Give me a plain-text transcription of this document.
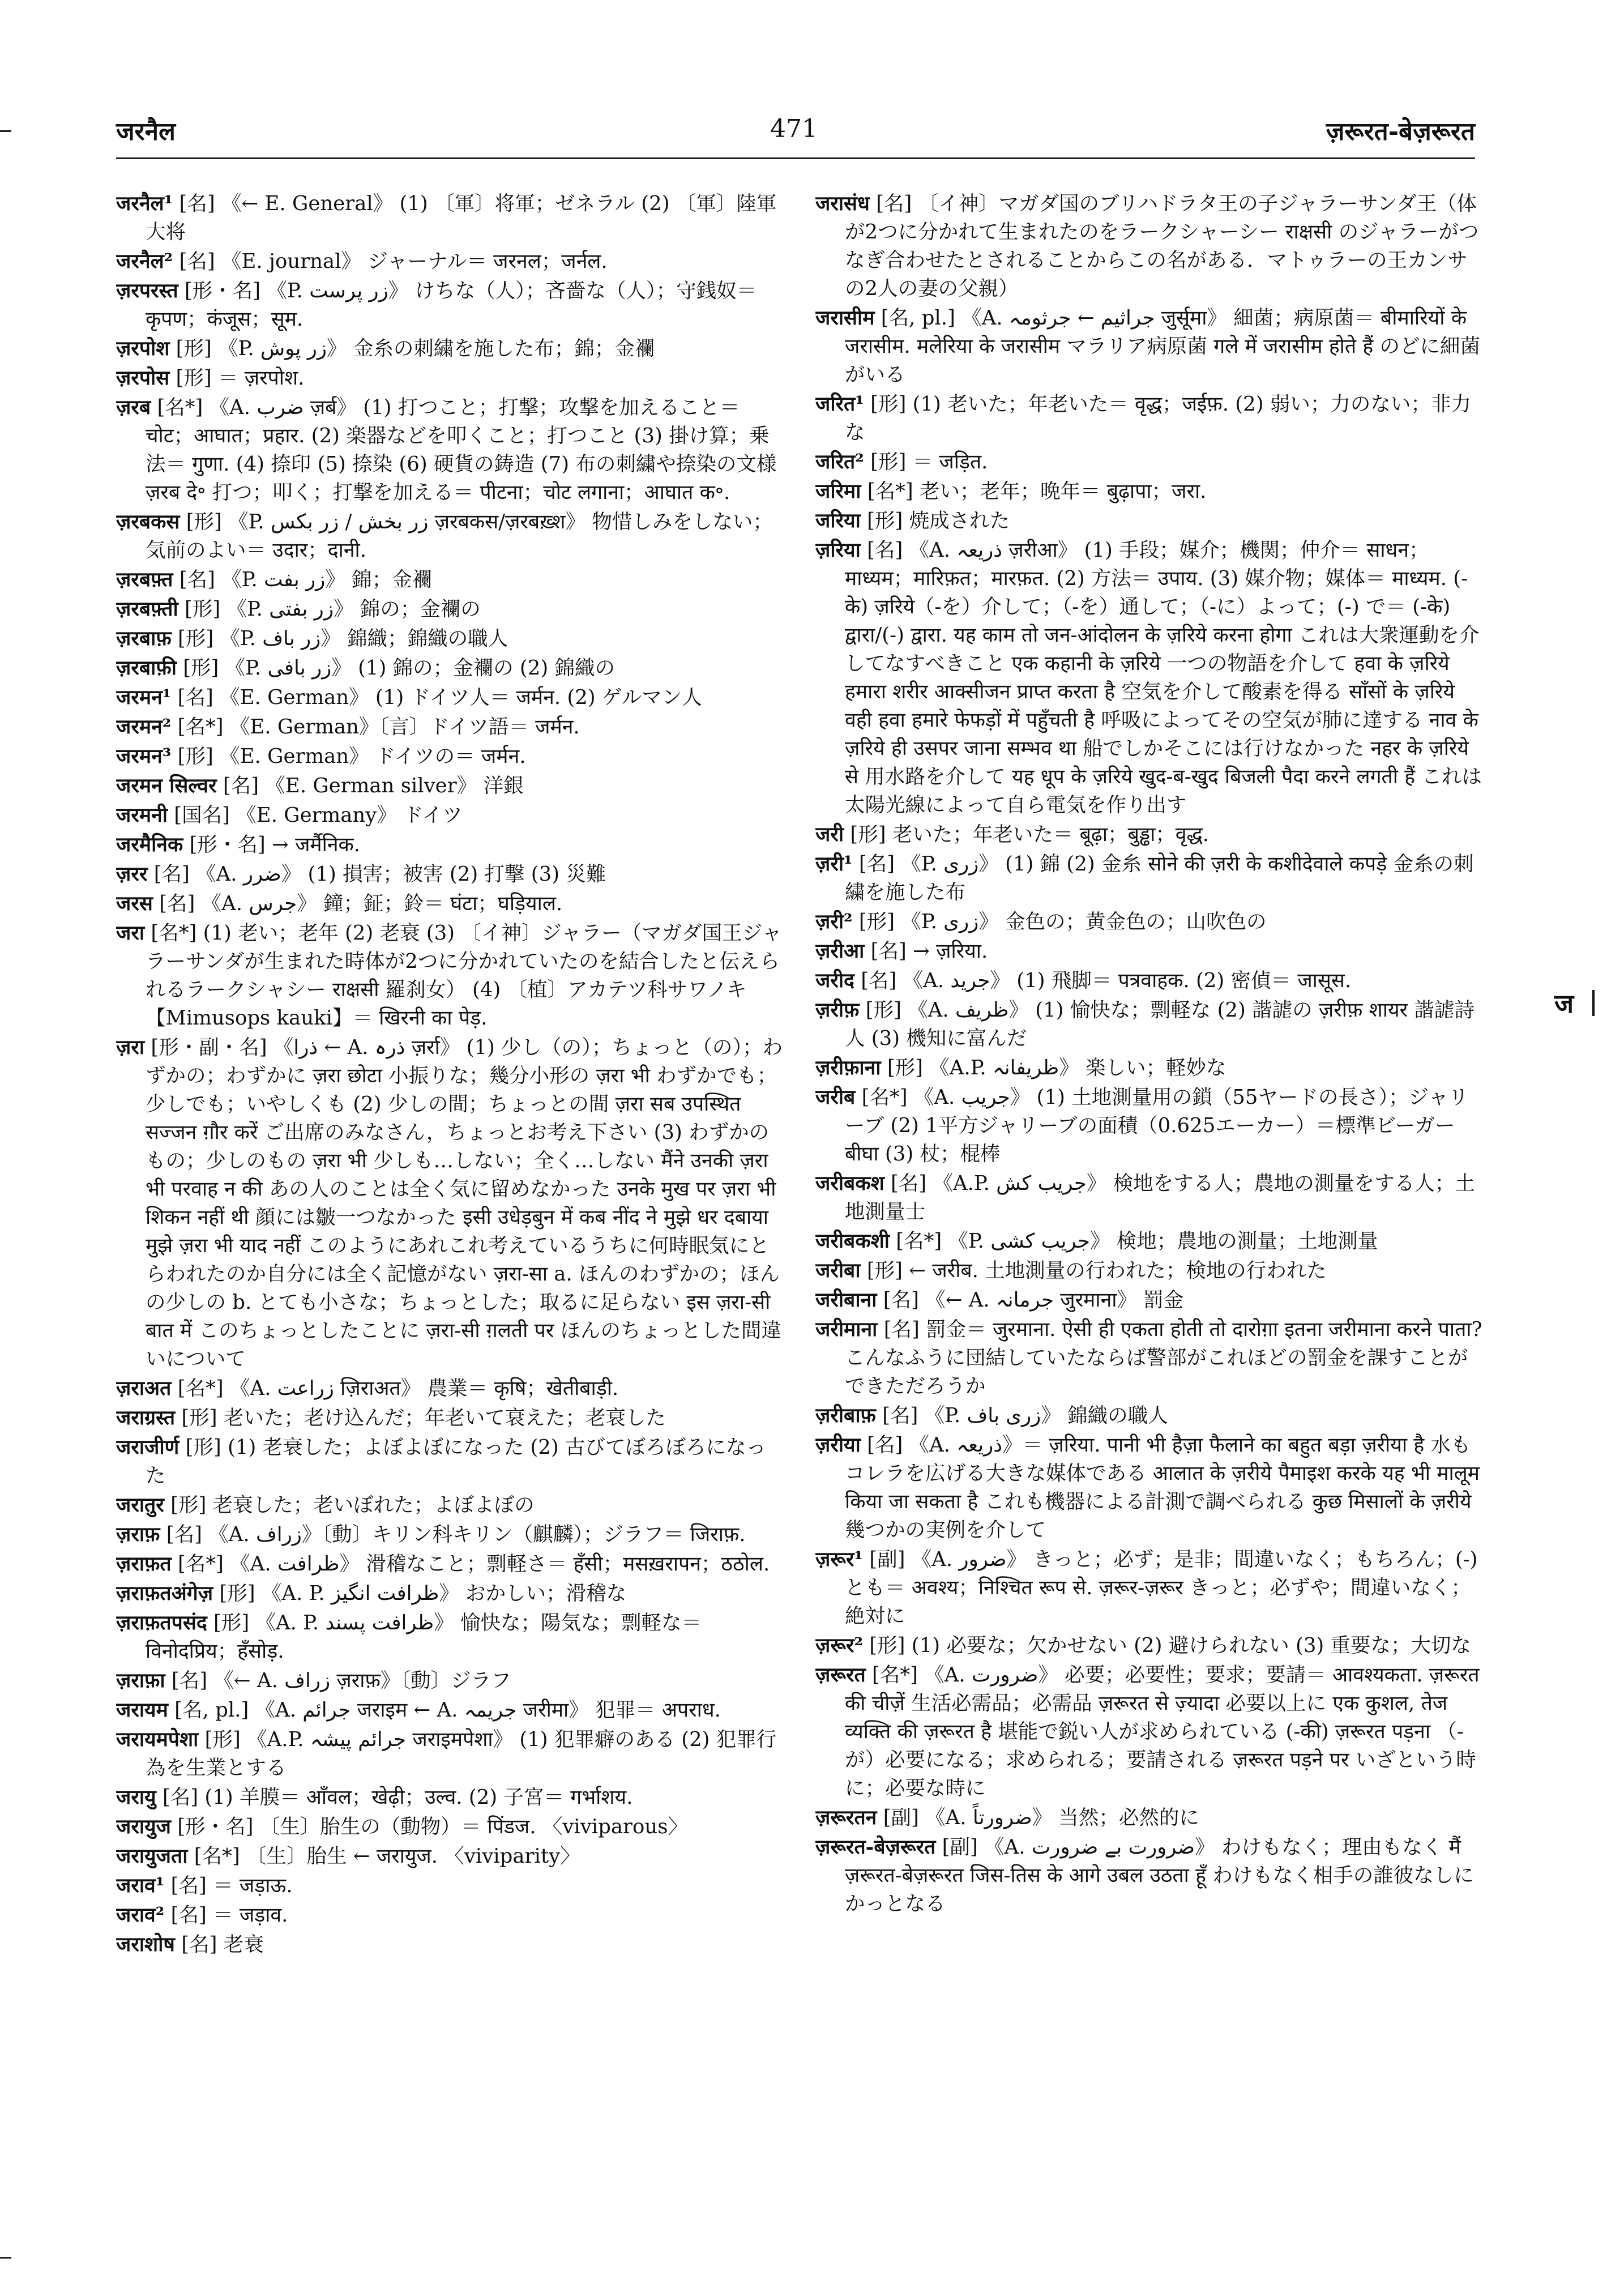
जरनैल	471	ज़रूरत-बेज़रूरत

जरनैल¹ [名] 《← E. General》 (1) 〔軍〕将軍；ゼネラル (2) 〔軍〕陸軍大将

जरनैल² [名] 《E. journal》 ジャーナル＝ जरनल；जर्नल.

ज़रपरस्त [形・名] 《P. زر پرست》 けちな（人）；吝嗇な（人）；守銭奴＝ कृपण；कंजूस；सूम.

ज़रपोश [形] 《P. زر پوش》 金糸の刺繍を施した布；錦；金襴

ज़रपोस [形] ＝ ज़रपोश.

ज़रब [名*] 《A. ضرب ज़र्ब》 (1) 打つこと；打撃；攻撃を加えること＝ चोट；आघात；प्रहार. (2) 楽器などを叩くこと；打つこと (3) 掛け算；乗法＝ गुणा. (4) 捺印 (5) 捺染 (6) 硬貨の鋳造 (7) 布の刺繍や捺染の文様 ज़रब दे॰ 打つ；叩く；打撃を加える＝ पीटना；चोट लगाना；आघात क॰.

ज़रबकस [形] 《P. زر بخش / زر بکس ज़रबकस/ज़रबख़्श》 物惜しみをしない；気前のよい＝ उदार；दानी.

ज़रबफ़्त [名] 《P. زر بفت》 錦；金襴

ज़रबफ़्ती [形] 《P. زر بفتی》 錦の；金襴の

ज़रबाफ़ [形] 《P. زر باف》 錦織；錦織の職人

ज़रबाफ़ी [形] 《P. زر بافی》 (1) 錦の；金襴の (2) 錦織の

जरमन¹ [名] 《E. German》 (1) ドイツ人＝ जर्मन. (2) ゲルマン人

जरमन² [名*] 《E. German》〔言〕ドイツ語＝ जर्मन.

जरमन³ [形] 《E. German》 ドイツの＝ जर्मन.

जरमन सिल्वर [名] 《E. German silver》 洋銀

जरमनी [国名] 《E. Germany》 ドイツ

जरमैनिक [形・名] → जर्मैनिक.

ज़रर [名] 《A. ضرر》 (1) 損害；被害 (2) 打撃 (3) 災難

जरस [名] 《A. جرس》 鐘；鉦；鈴＝ घंटा；घड़ियाल.

जरा [名*] (1) 老い；老年 (2) 老衰 (3) 〔イ神〕ジャラー（マガダ国王ジャラーサンダが生まれた時体が2つに分かれていたのを結合したと伝えられるラークシャシー राक्षसी 羅刹女） (4) 〔植〕アカテツ科サワノキ【Mimusops kauki】＝ खिरनी का पेड़.

ज़रा [形・副・名] 《ذرا ← A. ذرہ ज़र्रा》 (1) 少し（の）；ちょっと（の）；わずかの；わずかに ज़रा छोटा 小振りな；幾分小形の ज़रा भी わずかでも；少しでも；いやしくも (2) 少しの間；ちょっとの間 ज़रा सब उपस्थित सज्जन ग़ौर करें ご出席のみなさん，ちょっとお考え下さい (3) わずかのもの；少しのもの ज़रा भी 少しも…しない；全く…しない मैंने उनकी ज़रा भी परवाह न की あの人のことは全く気に留めなかった उनके मुख पर ज़रा भी शिकन नहीं थी 顔には皺一つなかった इसी उधेड़बुन में कब नींद ने मुझे धर दबाया मुझे ज़रा भी याद नहीं このようにあれこれ考えているうちに何時眠気にとらわれたのか自分には全く記憶がない ज़रा-सा a. ほんのわずかの；ほんの少しの b. とても小さな；ちょっとした；取るに足らない इस ज़रा-सी बात में このちょっとしたことに ज़रा-सी ग़लती पर ほんのちょっとした間違いについて

ज़राअत [名*] 《A. زراعت ज़िराअत》 農業＝ कृषि；खेतीबाड़ी.

जराग्रस्त [形] 老いた；老け込んだ；年老いて衰えた；老衰した

जराजीर्ण [形] (1) 老衰した；よぼよぼになった (2) 古びてぼろぼろになった

जरातुर [形] 老衰した；老いぼれた；よぼよぼの

ज़राफ़ [名] 《A. زراف》〔動〕キリン科キリン（麒麟）；ジラフ＝ जिराफ़.

ज़राफ़त [名*] 《A. ظرافت》 滑稽なこと；剽軽さ＝ हँसी；मसख़रापन；ठठोल.

ज़राफ़तअंगेज़ [形] 《A. P. ظرافت انگیز》 おかしい；滑稽な

ज़राफ़तपसंद [形] 《A. P. ظرافت پسند》 愉快な；陽気な；剽軽な＝ विनोदप्रिय；हँसोड़.

ज़राफ़ा [名] 《← A. زراف ज़राफ़》〔動〕ジラフ

जरायम [名, pl.] 《A. جرائم जराइम ← A. جریمہ जरीमा》 犯罪＝ अपराध.

जरायमपेशा [形] 《A.P. جرائم پیشہ जराइमपेशा》 (1) 犯罪癖のある (2) 犯罪行為を生業とする

जरायु [名] (1) 羊膜＝ आँवल；खेढ़ी；उल्व. (2) 子宮＝ गर्भाशय.

जरायुज [形・名] 〔生〕胎生の（動物）＝ पिंडज. 〈viviparous〉

जरायुजता [名*] 〔生〕胎生 ← जरायुज. 〈viviparity〉

जराव¹ [名] ＝ जड़ाऊ.

जराव² [名] ＝ जड़ाव.

जराशोष [名] 老衰

जरासंध [名] 〔イ神〕マガダ国のブリハドラタ王の子ジャラーサンダ王（体が2つに分かれて生まれたのをラークシャーシー राक्षसी のジャラーがつなぎ合わせたとされることからこの名がある．マトゥラーの王カンサの2人の妻の父親）

जरासीम [名, pl.] 《A. جراثیم ← جرثومہ जुर्सूमा》 細菌；病原菌＝ बीमारियों के जरासीम. मलेरिया के जरासीम マラリア病原菌 गले में जरासीम होते हैं のどに細菌がいる

जरित¹ [形] (1) 老いた；年老いた＝ वृद्ध；जईफ़. (2) 弱い；力のない；非力な

जरित² [形] ＝ जड़ित.

जरिमा [名*] 老い；老年；晩年＝ बुढ़ापा；जरा.

जरिया [形] 焼成された

ज़रिया [名] 《A. ذریعہ ज़रीआ》 (1) 手段；媒介；機関；仲介＝ साधन；माध्यम；मारिफ़त；मारफ़त. (2) 方法＝ उपाय. (3) 媒介物；媒体＝ माध्यम. (-के) ज़रिये（-を）介して；（-を）通して；（-に）よって；(-) で＝ (-के) द्वारा/(-) द्वारा. यह काम तो जन-आंदोलन के ज़रिये करना होगा これは大衆運動を介してなすべきこと एक कहानी के ज़रिये 一つの物語を介して हवा के ज़रिये हमारा शरीर आक्सीजन प्राप्त करता है 空気を介して酸素を得る साँसों के ज़रिये वही हवा हमारे फेफड़ों में पहुँचती है 呼吸によってその空気が肺に達する नाव के ज़रिये ही उसपर जाना सम्भव था 船でしかそこには行けなかった नहर के ज़रिये से 用水路を介して यह धूप के ज़रिये खुद-ब-खुद बिजली पैदा करने लगती हैं これは太陽光線によって自ら電気を作り出す

जरी [形] 老いた；年老いた＝ बूढ़ा；बुड्ढा；वृद्ध.

ज़री¹ [名] 《P. زری》 (1) 錦 (2) 金糸 सोने की ज़री के कशीदेवाले कपड़े 金糸の刺繍を施した布

ज़री² [形] 《P. زری》 金色の；黄金色の；山吹色の

ज़रीआ [名] → ज़रिया.

जरीद [名] 《A. جرید》 (1) 飛脚＝ पत्रवाहक. (2) 密偵＝ जासूस.

ज़रीफ़ [形] 《A. ظریف》 (1) 愉快な；剽軽な (2) 諧謔の ज़रीफ़ शायर 諧謔詩人 (3) 機知に富んだ

ज़रीफ़ाना [形] 《A.P. ظریفانہ》 楽しい；軽妙な

जरीब [名*] 《A. جریب》 (1) 土地測量用の鎖（55ヤードの長さ）；ジャリーブ (2) 1平方ジャリーブの面積（0.625エーカー）＝標準ビーガー बीघा (3) 杖；棍棒

जरीबकश [名] 《A.P. جریب کش》 検地をする人；農地の測量をする人；土地測量士

जरीबकशी [名*] 《P. جریب کشی》 検地；農地の測量；土地測量

जरीबा [形] ← जरीब. 土地測量の行われた；検地の行われた

जरीबाना [名] 《← A. جرمانہ जुरमाना》 罰金

जरीमाना [名] 罰金＝ जुरमाना. ऐसी ही एकता होती तो दारोग़ा इतना जरीमाना करने पाता? こんなふうに団結していたならば警部がこれほどの罰金を課すことができただろうか

ज़रीबाफ़ [名] 《P. زری باف》 錦織の職人

ज़रीया [名] 《A. ذریعہ》＝ ज़रिया. पानी भी हैज़ा फैलाने का बहुत बड़ा ज़रीया है 水もコレラを広げる大きな媒体である आलात के ज़रीये पैमाइश करके यह भी मालूम किया जा सकता है これも機器による計測で調べられる कुछ मिसालों के ज़रीये 幾つかの実例を介して

ज़रूर¹ [副] 《A. ضرور》 きっと；必ず；是非；間違いなく；もちろん；(-) とも＝ अवश्य；निश्चित रूप से. ज़रूर-ज़रूर きっと；必ずや；間違いなく；絶対に

ज़रूर² [形] (1) 必要な；欠かせない (2) 避けられない (3) 重要な；大切な

ज़रूरत [名*] 《A. ضرورت》 必要；必要性；要求；要請＝ आवश्यकता. ज़रूरत की चीज़ें 生活必需品；必需品 ज़रूरत से ज़्यादा 必要以上に एक कुशल, तेज व्यक्ति की ज़रूरत है 堪能で鋭い人が求められている (-की) ज़रूरत पड़ना （-が）必要になる；求められる；要請される ज़रूरत पड़ने पर いざという時に；必要な時に

ज़रूरतन [副] 《A. ضرورتاً》 当然；必然的に

ज़रूरत-बेज़रूरत [副] 《A. ضرورت بے ضرورت》 わけもなく；理由もなく मैं ज़रूरत-बेज़रूरत जिस-तिस के आगे उबल उठता हूँ わけもなく相手の誰彼なしにかっとなる

ज
